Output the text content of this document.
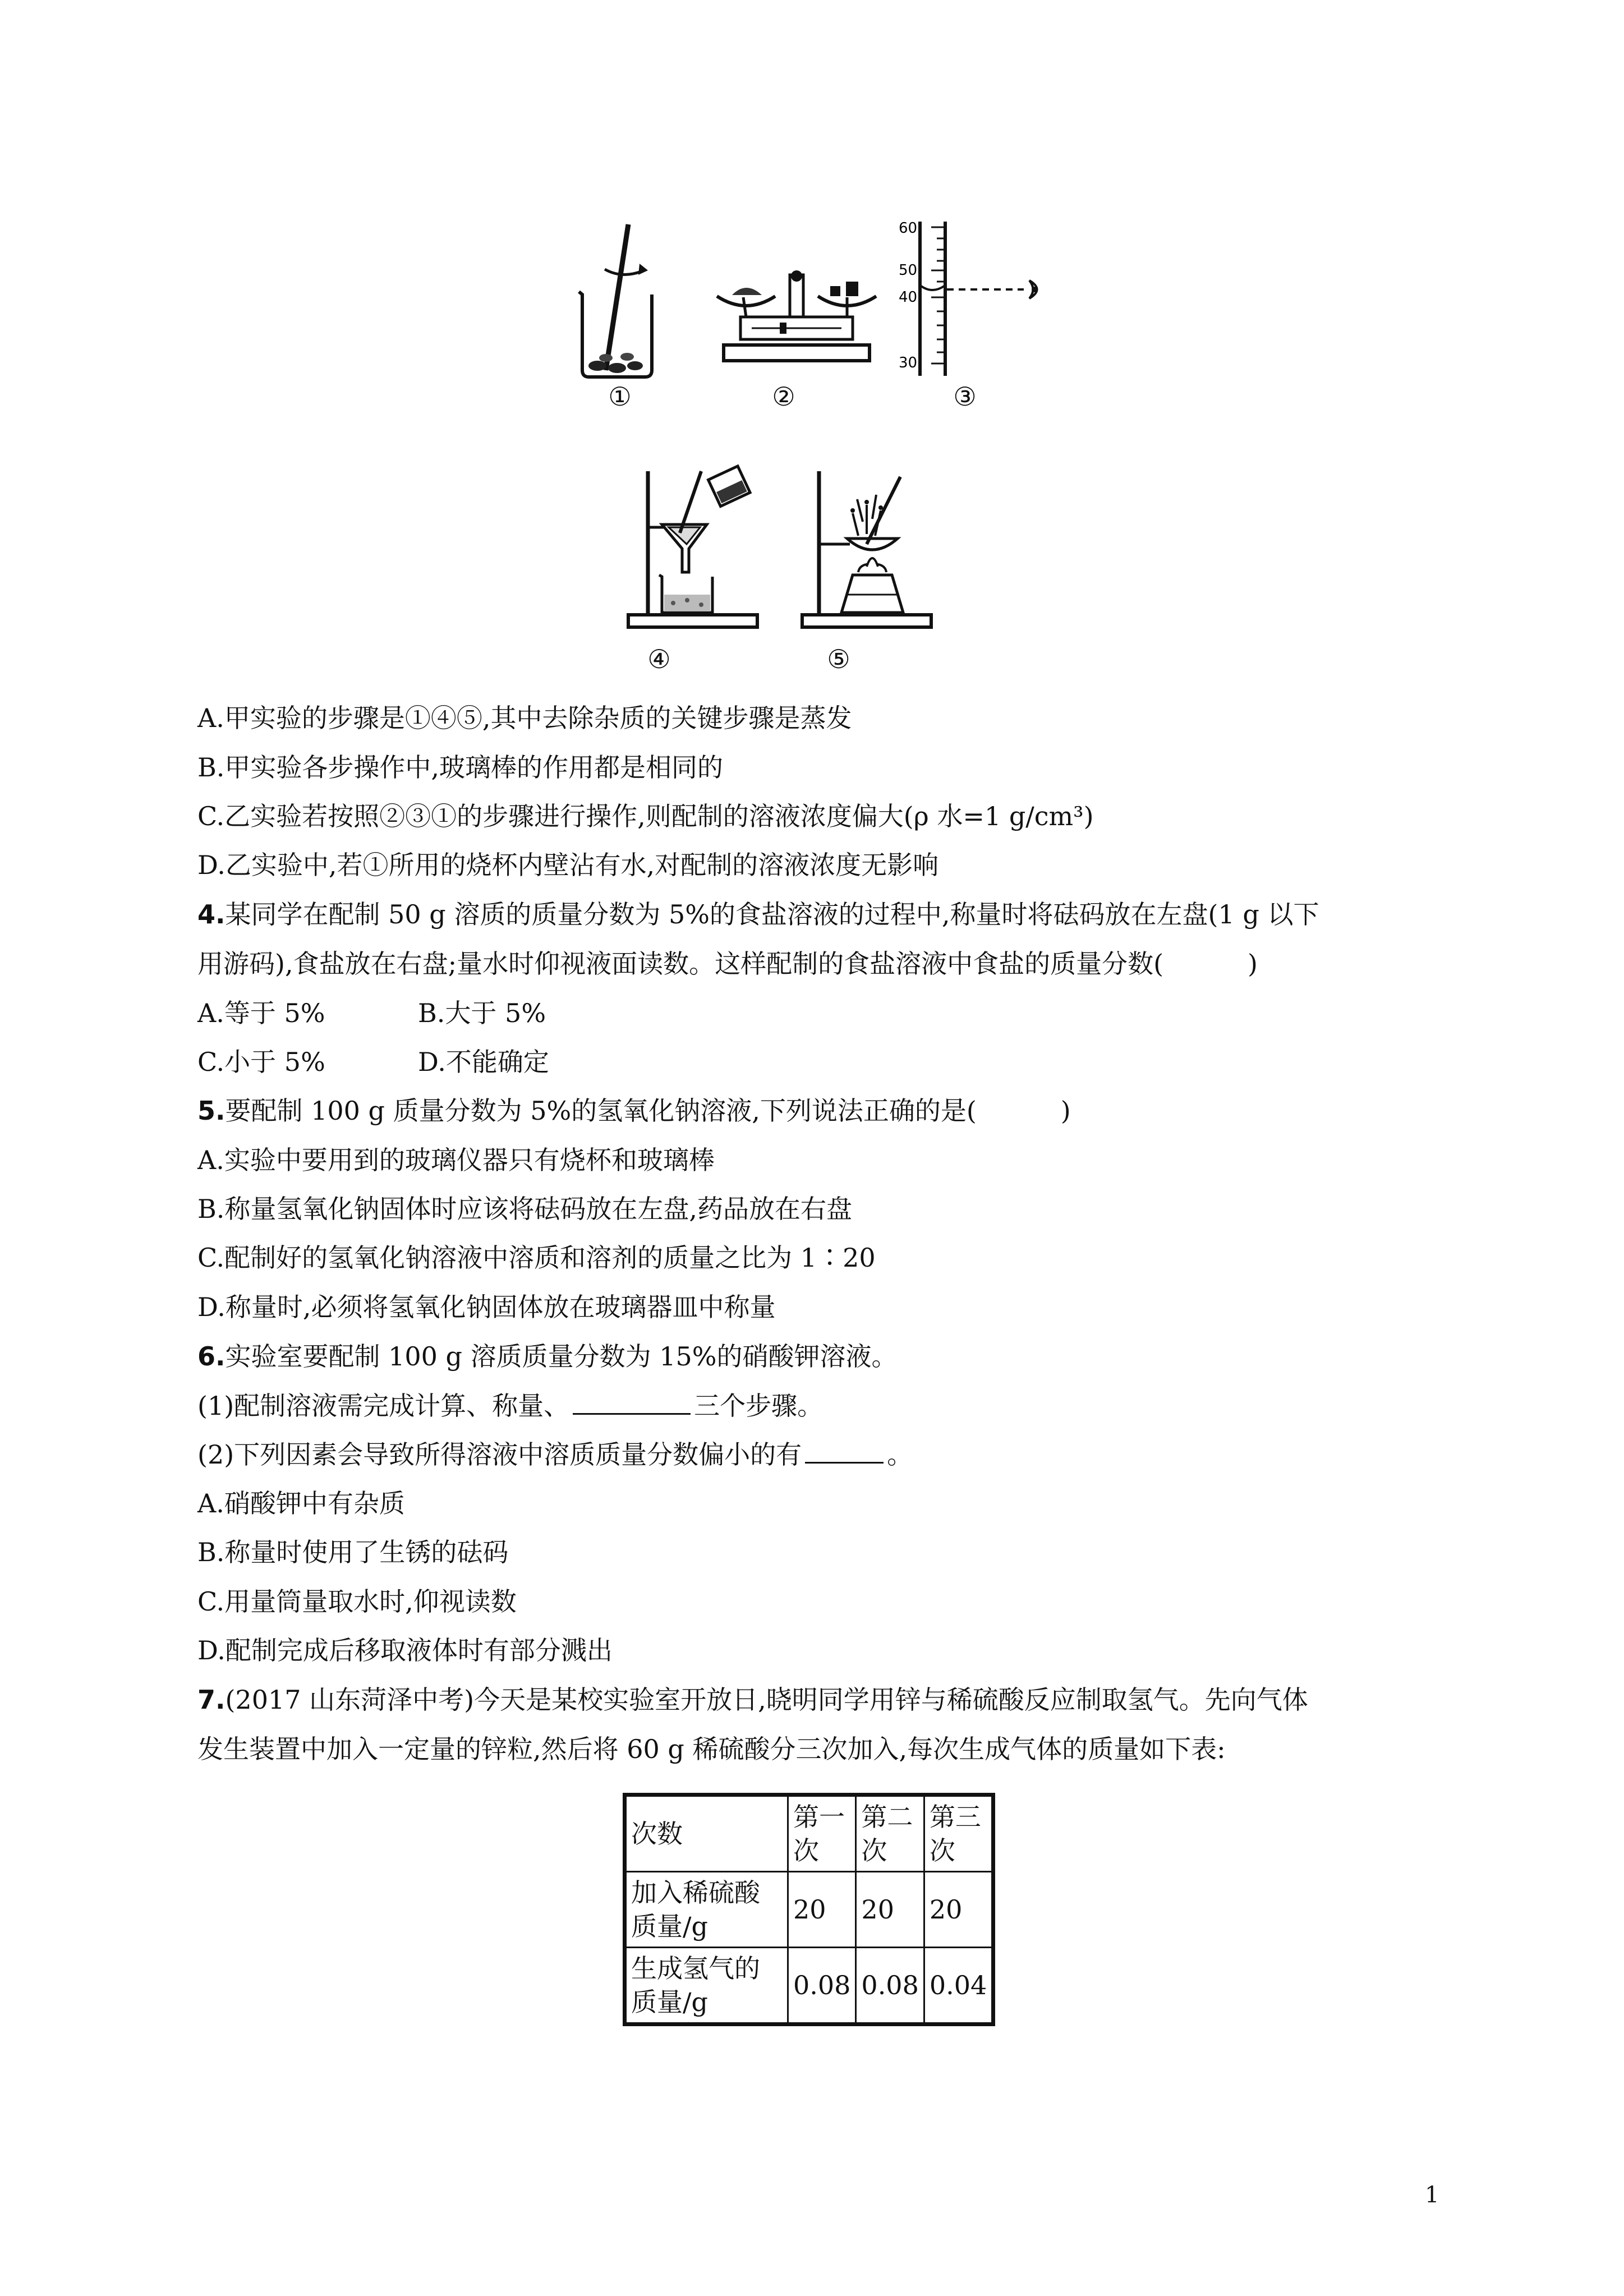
①	②
60
50
40
30
③
④	⑤
A.甲实验的步骤是①④⑤,其中去除杂质的关键步骤是蒸发
B.甲实验各步操作中,玻璃棒的作用都是相同的
C.乙实验若按照②③①的步骤进行操作,则配制的溶液浓度偏大(ρ 水=1 g/cm³)
D.乙实验中,若①所用的烧杯内壁沾有水,对配制的溶液浓度无影响
4.某同学在配制 50 g 溶质的质量分数为 5%的食盐溶液的过程中,称量时将砝码放在左盘(1 g 以下
用游码),食盐放在右盘;量水时仰视液面读数。这样配制的食盐溶液中食盐的质量分数(	)
A.等于 5%	B.大于 5%
C.小于 5%	D.不能确定
5.要配制 100 g 质量分数为 5%的氢氧化钠溶液,下列说法正确的是(	)
A.实验中要用到的玻璃仪器只有烧杯和玻璃棒
B.称量氢氧化钠固体时应该将砝码放在左盘,药品放在右盘
C.配制好的氢氧化钠溶液中溶质和溶剂的质量之比为 1∶20
D.称量时,必须将氢氧化钠固体放在玻璃器皿中称量
6.实验室要配制 100 g 溶质质量分数为 15%的硝酸钾溶液。
(1)配制溶液需完成计算、称量、	三个步骤。
(2)下列因素会导致所得溶液中溶质质量分数偏小的有	。
A.硝酸钾中有杂质
B.称量时使用了生锈的砝码
C.用量筒量取水时,仰视读数
D.配制完成后移取液体时有部分溅出
7.(2017 山东菏泽中考)今天是某校实验室开放日,晓明同学用锌与稀硫酸反应制取氢气。先向气体
发生装置中加入一定量的锌粒,然后将 60 g 稀硫酸分三次加入,每次生成气体的质量如下表:
次数	第一次	第二次	第三次
加入稀硫酸质量/g	20	20	20
生成氢气的质量/g	0.08	0.08	0.04
1
